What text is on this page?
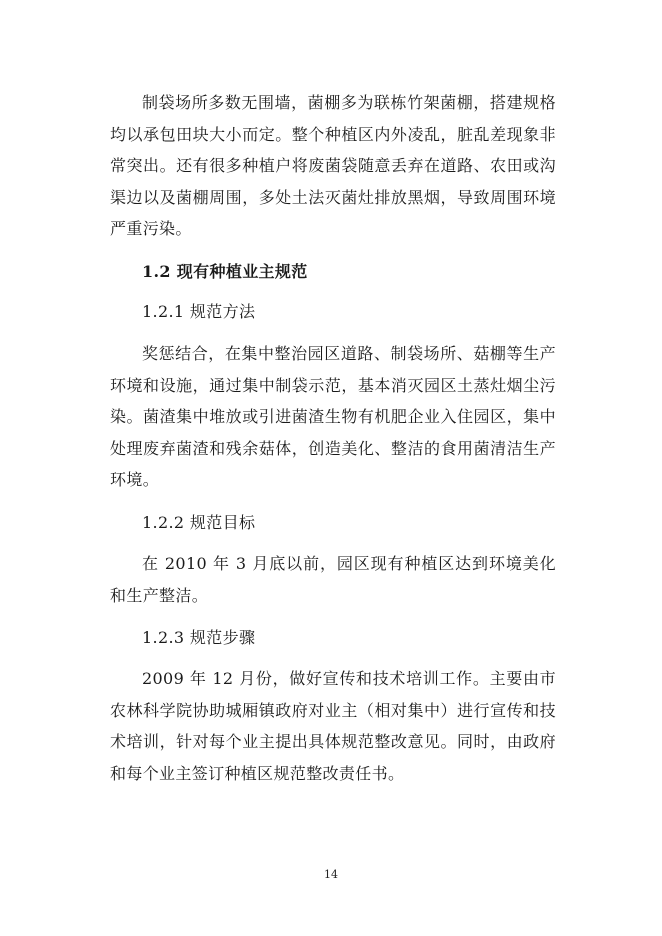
制袋场所多数无围墙，菌棚多为联栋竹架菌棚，搭建规格均以承包田块大小而定。整个种植区内外凌乱，脏乱差现象非常突出。还有很多种植户将废菌袋随意丢弃在道路、农田或沟渠边以及菌棚周围，多处土法灭菌灶排放黑烟，导致周围环境严重污染。

1.2 现有种植业主规范

1.2.1 规范方法

奖惩结合，在集中整治园区道路、制袋场所、菇棚等生产环境和设施，通过集中制袋示范，基本消灭园区土蒸灶烟尘污染。菌渣集中堆放或引进菌渣生物有机肥企业入住园区，集中处理废弃菌渣和残余菇体，创造美化、整洁的食用菌清洁生产环境。

1.2.2 规范目标

在 2010 年 3 月底以前，园区现有种植区达到环境美化和生产整洁。

1.2.3 规范步骤

2009 年 12 月份，做好宣传和技术培训工作。主要由市农林科学院协助城厢镇政府对业主（相对集中）进行宣传和技术培训，针对每个业主提出具体规范整改意见。同时，由政府和每个业主签订种植区规范整改责任书。

14
